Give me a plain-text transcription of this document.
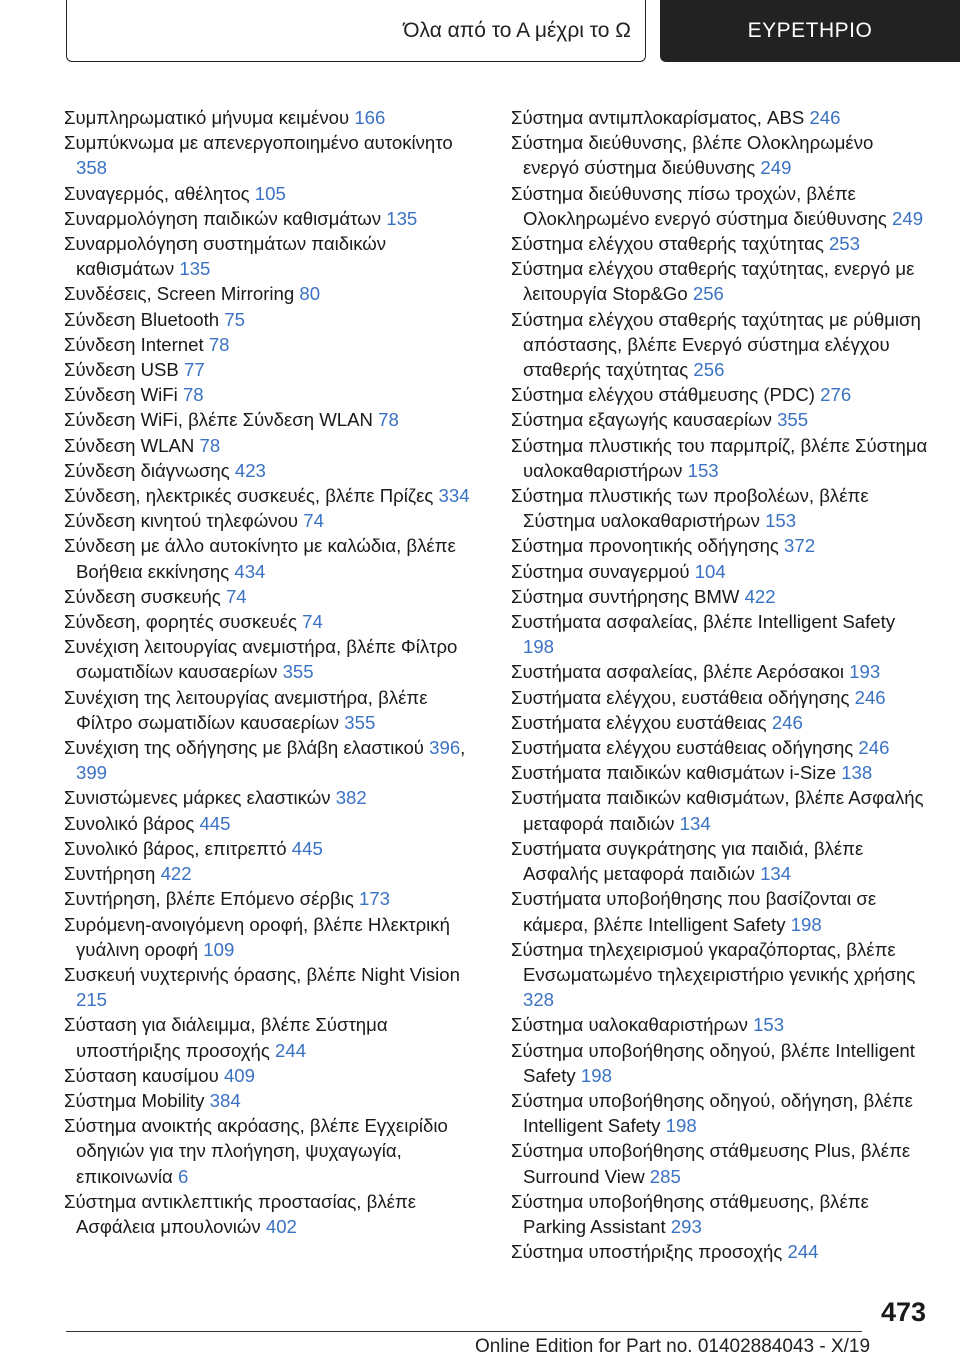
Όλα από το Α μέχρι το Ω	ΕΥΡΕΤΗΡΙΟ
Συμπληρωματικό μήνυμα κειμένου 166
Συμπύκνωμα με απενεργοποιημένο αυτοκίνητο 358
Συναγερμός, αθέλητος 105
Συναρμολόγηση παιδικών καθισμάτων 135
Συναρμολόγηση συστημάτων παιδικών καθισμάτων 135
Συνδέσεις, Screen Mirroring 80
Σύνδεση Bluetooth 75
Σύνδεση Internet 78
Σύνδεση USB 77
Σύνδεση WiFi 78
Σύνδεση WiFi, βλέπε Σύνδεση WLAN 78
Σύνδεση WLAN 78
Σύνδεση διάγνωσης 423
Σύνδεση, ηλεκτρικές συσκευές, βλέπε Πρίζες 334
Σύνδεση κινητού τηλεφώνου 74
Σύνδεση με άλλο αυτοκίνητο με καλώδια, βλέπε Βοήθεια εκκίνησης 434
Σύνδεση συσκευής 74
Σύνδεση, φορητές συσκευές 74
Συνέχιση λειτουργίας ανεμιστήρα, βλέπε Φίλτρο σωματιδίων καυσαερίων 355
Συνέχιση της λειτουργίας ανεμιστήρα, βλέπε Φίλτρο σωματιδίων καυσαερίων 355
Συνέχιση της οδήγησης με βλάβη ελαστικού 396, 399
Συνιστώμενες μάρκες ελαστικών 382
Συνολικό βάρος 445
Συνολικό βάρος, επιτρεπτό 445
Συντήρηση 422
Συντήρηση, βλέπε Επόμενο σέρβις 173
Συρόμενη-ανοιγόμενη οροφή, βλέπε Ηλεκτρική γυάλινη οροφή 109
Συσκευή νυχτερινής όρασης, βλέπε Night Vision 215
Σύσταση για διάλειμμα, βλέπε Σύστημα υποστήριξης προσοχής 244
Σύσταση καυσίμου 409
Σύστημα Mobility 384
Σύστημα ανοικτής ακρόασης, βλέπε Εγχειρίδιο οδηγιών για την πλοήγηση, ψυχαγωγία, επικοινωνία 6
Σύστημα αντικλεπτικής προστασίας, βλέπε Ασφάλεια μπουλονιών 402
Σύστημα αντιμπλοκαρίσματος, ABS 246
Σύστημα διεύθυνσης, βλέπε Ολοκληρωμένο ενεργό σύστημα διεύθυνσης 249
Σύστημα διεύθυνσης πίσω τροχών, βλέπε Ολοκληρωμένο ενεργό σύστημα διεύθυνσης 249
Σύστημα ελέγχου σταθερής ταχύτητας 253
Σύστημα ελέγχου σταθερής ταχύτητας, ενεργό με λειτουργία Stop&Go 256
Σύστημα ελέγχου σταθερής ταχύτητας με ρύθμιση απόστασης, βλέπε Ενεργό σύστημα ελέγχου σταθερής ταχύτητας 256
Σύστημα ελέγχου στάθμευσης (PDC) 276
Σύστημα εξαγωγής καυσαερίων 355
Σύστημα πλυστικής του παρμπρίζ, βλέπε Σύστημα υαλοκαθαριστήρων 153
Σύστημα πλυστικής των προβολέων, βλέπε Σύστημα υαλοκαθαριστήρων 153
Σύστημα προνοητικής οδήγησης 372
Σύστημα συναγερμού 104
Σύστημα συντήρησης BMW 422
Συστήματα ασφαλείας, βλέπε Intelligent Safety 198
Συστήματα ασφαλείας, βλέπε Αερόσακοι 193
Συστήματα ελέγχου, ευστάθεια οδήγησης 246
Συστήματα ελέγχου ευστάθειας 246
Συστήματα ελέγχου ευστάθειας οδήγησης 246
Συστήματα παιδικών καθισμάτων i-Size 138
Συστήματα παιδικών καθισμάτων, βλέπε Ασφαλής μεταφορά παιδιών 134
Συστήματα συγκράτησης για παιδιά, βλέπε Ασφαλής μεταφορά παιδιών 134
Συστήματα υποβοήθησης που βασίζονται σε κάμερα, βλέπε Intelligent Safety 198
Σύστημα τηλεχειρισμού γκαραζόπορτας, βλέπε Ενσωματωμένο τηλεχειριστήριο γενικής χρήσης 328
Σύστημα υαλοκαθαριστήρων 153
Σύστημα υποβοήθησης οδηγού, βλέπε Intelligent Safety 198
Σύστημα υποβοήθησης οδηγού, οδήγηση, βλέπε Intelligent Safety 198
Σύστημα υποβοήθησης στάθμευσης Plus, βλέπε Surround View 285
Σύστημα υποβοήθησης στάθμευσης, βλέπε Parking Assistant 293
Σύστημα υποστήριξης προσοχής 244
473
Online Edition for Part no. 01402884043 - X/19
